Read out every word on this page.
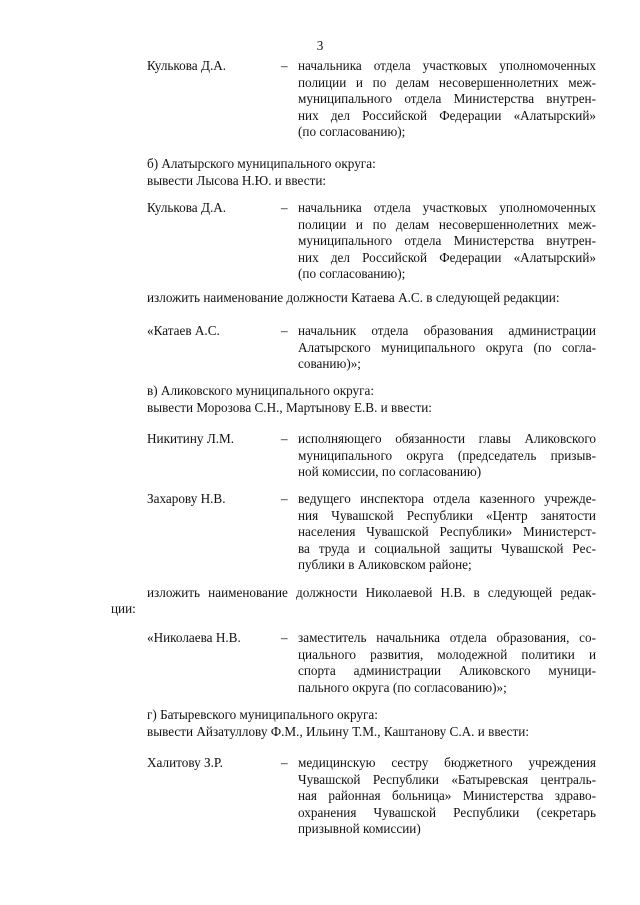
3
Кулькова Д.А.	– начальника отдела участковых уполномоченных
полиции и по делам несовершеннолетних меж-
муниципального отдела Министерства внутрен-
них дел Российской Федерации «Алатырский»
(по согласованию);
б) Алатырского муниципального округа:
вывести Лысова Н.Ю. и ввести:
Кулькова Д.А.	– начальника отдела участковых уполномоченных
полиции и по делам несовершеннолетних меж-
муниципального отдела Министерства внутрен-
них дел Российской Федерации «Алатырский»
(по согласованию);
изложить наименование должности Катаева А.С. в следующей редакции:
«Катаев А.С.	– начальник отдела образования администрации
Алатырского муниципального округа (по согла-
сованию)»;
в) Аликовского муниципального округа:
вывести Морозова С.Н., Мартынову Е.В. и ввести:
Никитину Л.М.	– исполняющего обязанности главы Аликовского
муниципального округа (председатель призыв-
ной комиссии, по согласованию)
Захарову Н.В.	– ведущего инспектора отдела казенного учрежде-
ния Чувашской Республики «Центр занятости
населения Чувашской Республики» Министерст-
ва труда и социальной защиты Чувашской Рес-
публики в Аликовском районе;
изложить наименование должности Николаевой Н.В. в следующей редак-
ции:
«Николаева Н.В.	– заместитель начальника отдела образования, со-
циального развития, молодежной политики и
спорта администрации Аликовского муници-
пального округа (по согласованию)»;
г) Батыревского муниципального округа:
вывести Айзатуллову Ф.М., Ильину Т.М., Каштанову С.А. и ввести:
Халитову З.Р.	– медицинскую сестру бюджетного учреждения
Чувашской Республики «Батыревская централь-
ная районная больница» Министерства здраво-
охранения Чувашской Республики (секретарь
призывной комиссии)
